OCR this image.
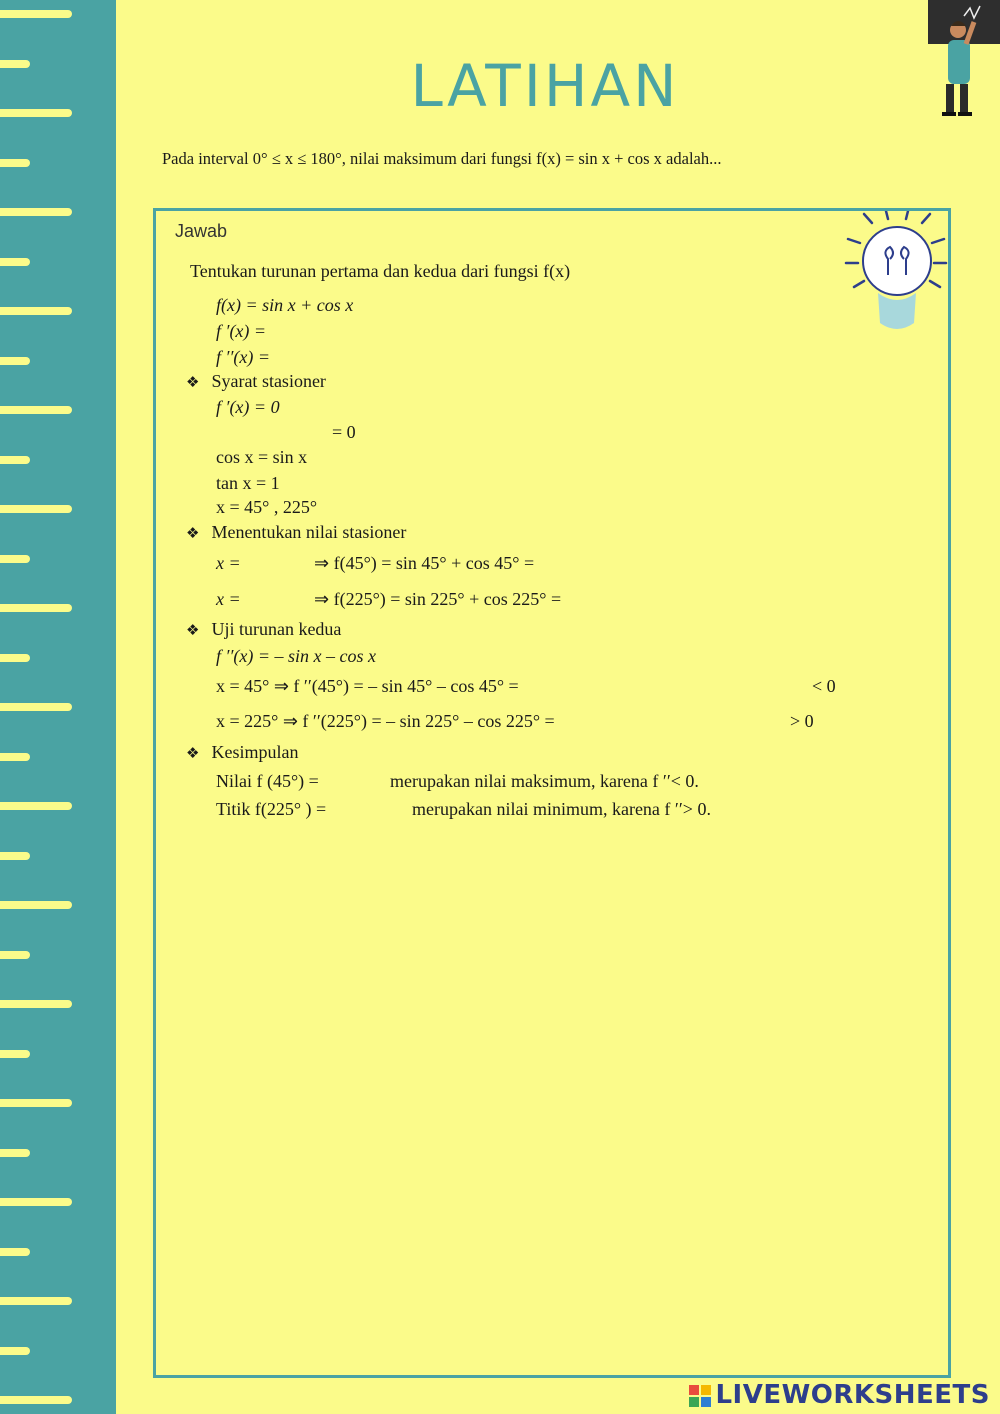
LATIHAN
Pada interval 0° ≤ x ≤ 180°, nilai maksimum dari fungsi f(x) = sin x + cos x adalah...
Jawab
Tentukan turunan pertama dan kedua dari fungsi f(x)
f(x) = sin x + cos x
f ′(x) =
f ′′(x) =
❖ Syarat stasioner
f ′(x) = 0
= 0
cos x = sin x
tan x = 1
x = 45° , 225°
❖ Menentukan nilai stasioner
x =	⇒ f(45°) = sin 45° + cos 45° =
x =	⇒ f(225°) = sin 225° + cos 225° =
❖ Uji turunan kedua
f ′′(x) = – sin x – cos x
x = 45° ⇒ f ′′(45°) = – sin 45° – cos 45° =	< 0
x = 225° ⇒ f ′′(225°) = – sin 225° – cos 225° =	> 0
❖ Kesimpulan
Nilai f (45°) =	merupakan nilai maksimum, karena f ′′< 0.
Titik f(225° ) =	merupakan nilai minimum, karena f ′′> 0.
LIVEWORKSHEETS
